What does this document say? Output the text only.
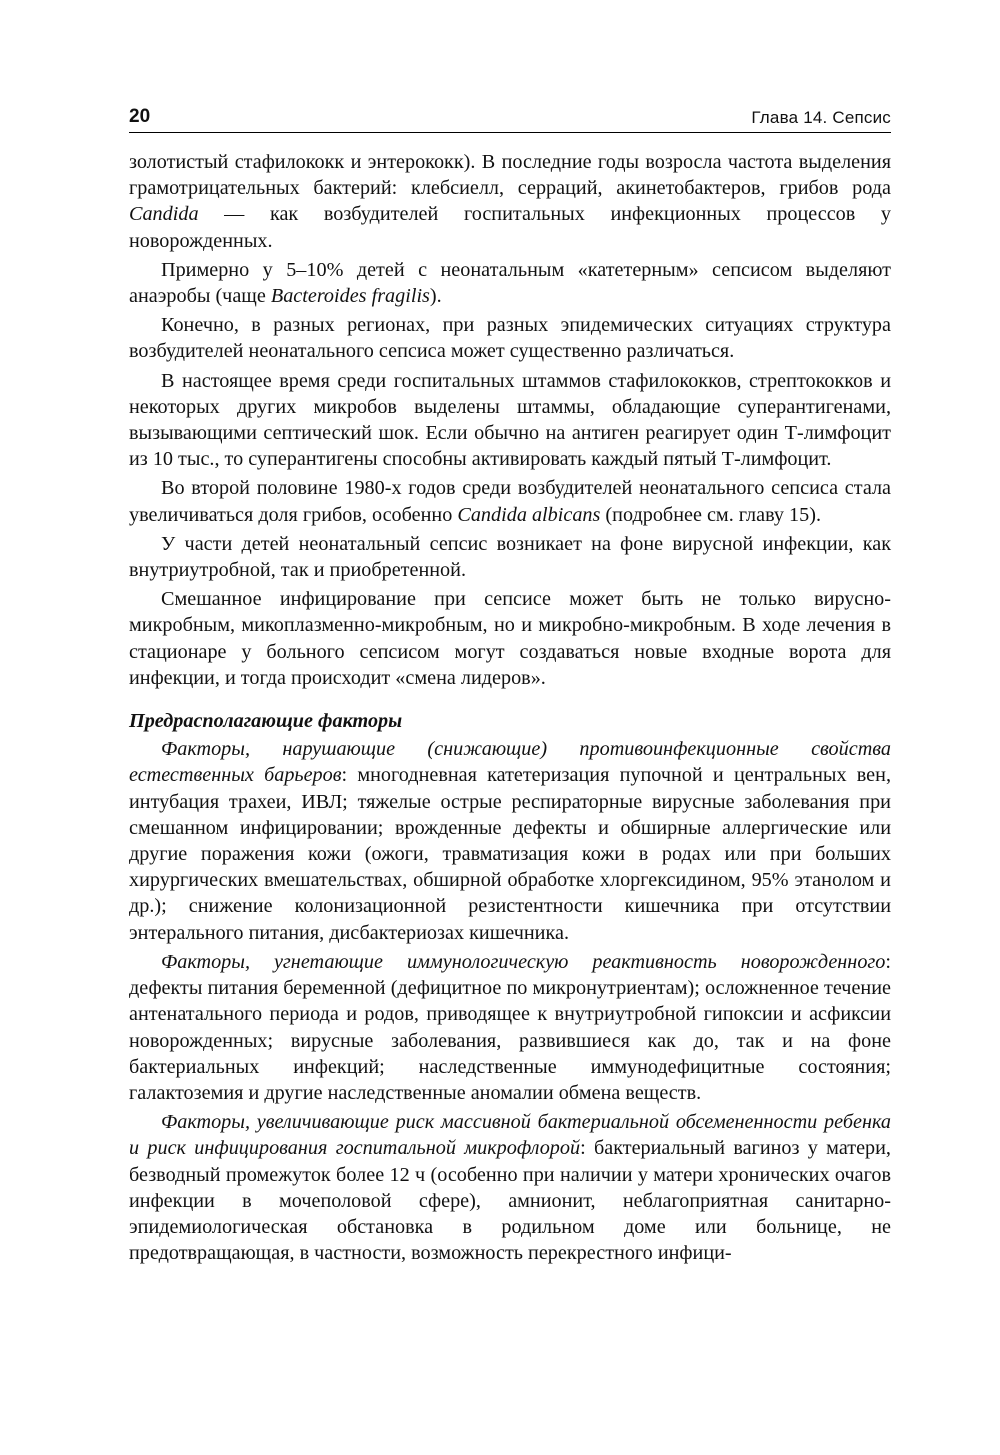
20	Глава 14. Сепсис

золотистый стафилококк и энтерококк). В последние годы возросла частота выделения грамотрицательных бактерий: клебсиелл, серраций, акинетобактеров, грибов рода Candida — как возбудителей госпитальных инфекционных процессов у новорожденных.

Примерно у 5–10% детей с неонатальным «катетерным» сепсисом выделяют анаэробы (чаще Bacteroides fragilis).

Конечно, в разных регионах, при разных эпидемических ситуациях структура возбудителей неонатального сепсиса может существенно различаться.

В настоящее время среди госпитальных штаммов стафилококков, стрептококков и некоторых других микробов выделены штаммы, обладающие суперантигенами, вызывающими септический шок. Если обычно на антиген реагирует один Т-лимфоцит из 10 тыс., то суперантигены способны активировать каждый пятый Т-лимфоцит.

Во второй половине 1980-х годов среди возбудителей неонатального сепсиса стала увеличиваться доля грибов, особенно Candida albicans (подробнее см. главу 15).

У части детей неонатальный сепсис возникает на фоне вирусной инфекции, как внутриутробной, так и приобретенной.

Смешанное инфицирование при сепсисе может быть не только вирусно-микробным, микоплазменно-микробным, но и микробно-микробным. В ходе лечения в стационаре у больного сепсисом могут создаваться новые входные ворота для инфекции, и тогда происходит «смена лидеров».

Предрасполагающие факторы

Факторы, нарушающие (снижающие) противоинфекционные свойства естественных барьеров: многодневная катетеризация пупочной и центральных вен, интубация трахеи, ИВЛ; тяжелые острые респираторные вирусные заболевания при смешанном инфицировании; врожденные дефекты и обширные аллергические или другие поражения кожи (ожоги, травматизация кожи в родах или при больших хирургических вмешательствах, обширной обработке хлоргексидином, 95% этанолом и др.); снижение колонизационной резистентности кишечника при отсутствии энтерального питания, дисбактериозах кишечника.

Факторы, угнетающие иммунологическую реактивность новорожденного: дефекты питания беременной (дефицитное по микронутриентам); осложненное течение антенатального периода и родов, приводящее к внутриутробной гипоксии и асфиксии новорожденных; вирусные заболевания, развившиеся как до, так и на фоне бактериальных инфекций; наследственные иммунодефицитные состояния; галактоземия и другие наследственные аномалии обмена веществ.

Факторы, увеличивающие риск массивной бактериальной обсемененности ребенка и риск инфицирования госпитальной микрофлорой: бактериальный вагиноз у матери, безводный промежуток более 12 ч (особенно при наличии у матери хронических очагов инфекции в мочеполовой сфере), амнионит, неблагоприятная санитарно-эпидемиологическая обстановка в родильном доме или больнице, не предотвращающая, в частности, возможность перекрестного инфици-
